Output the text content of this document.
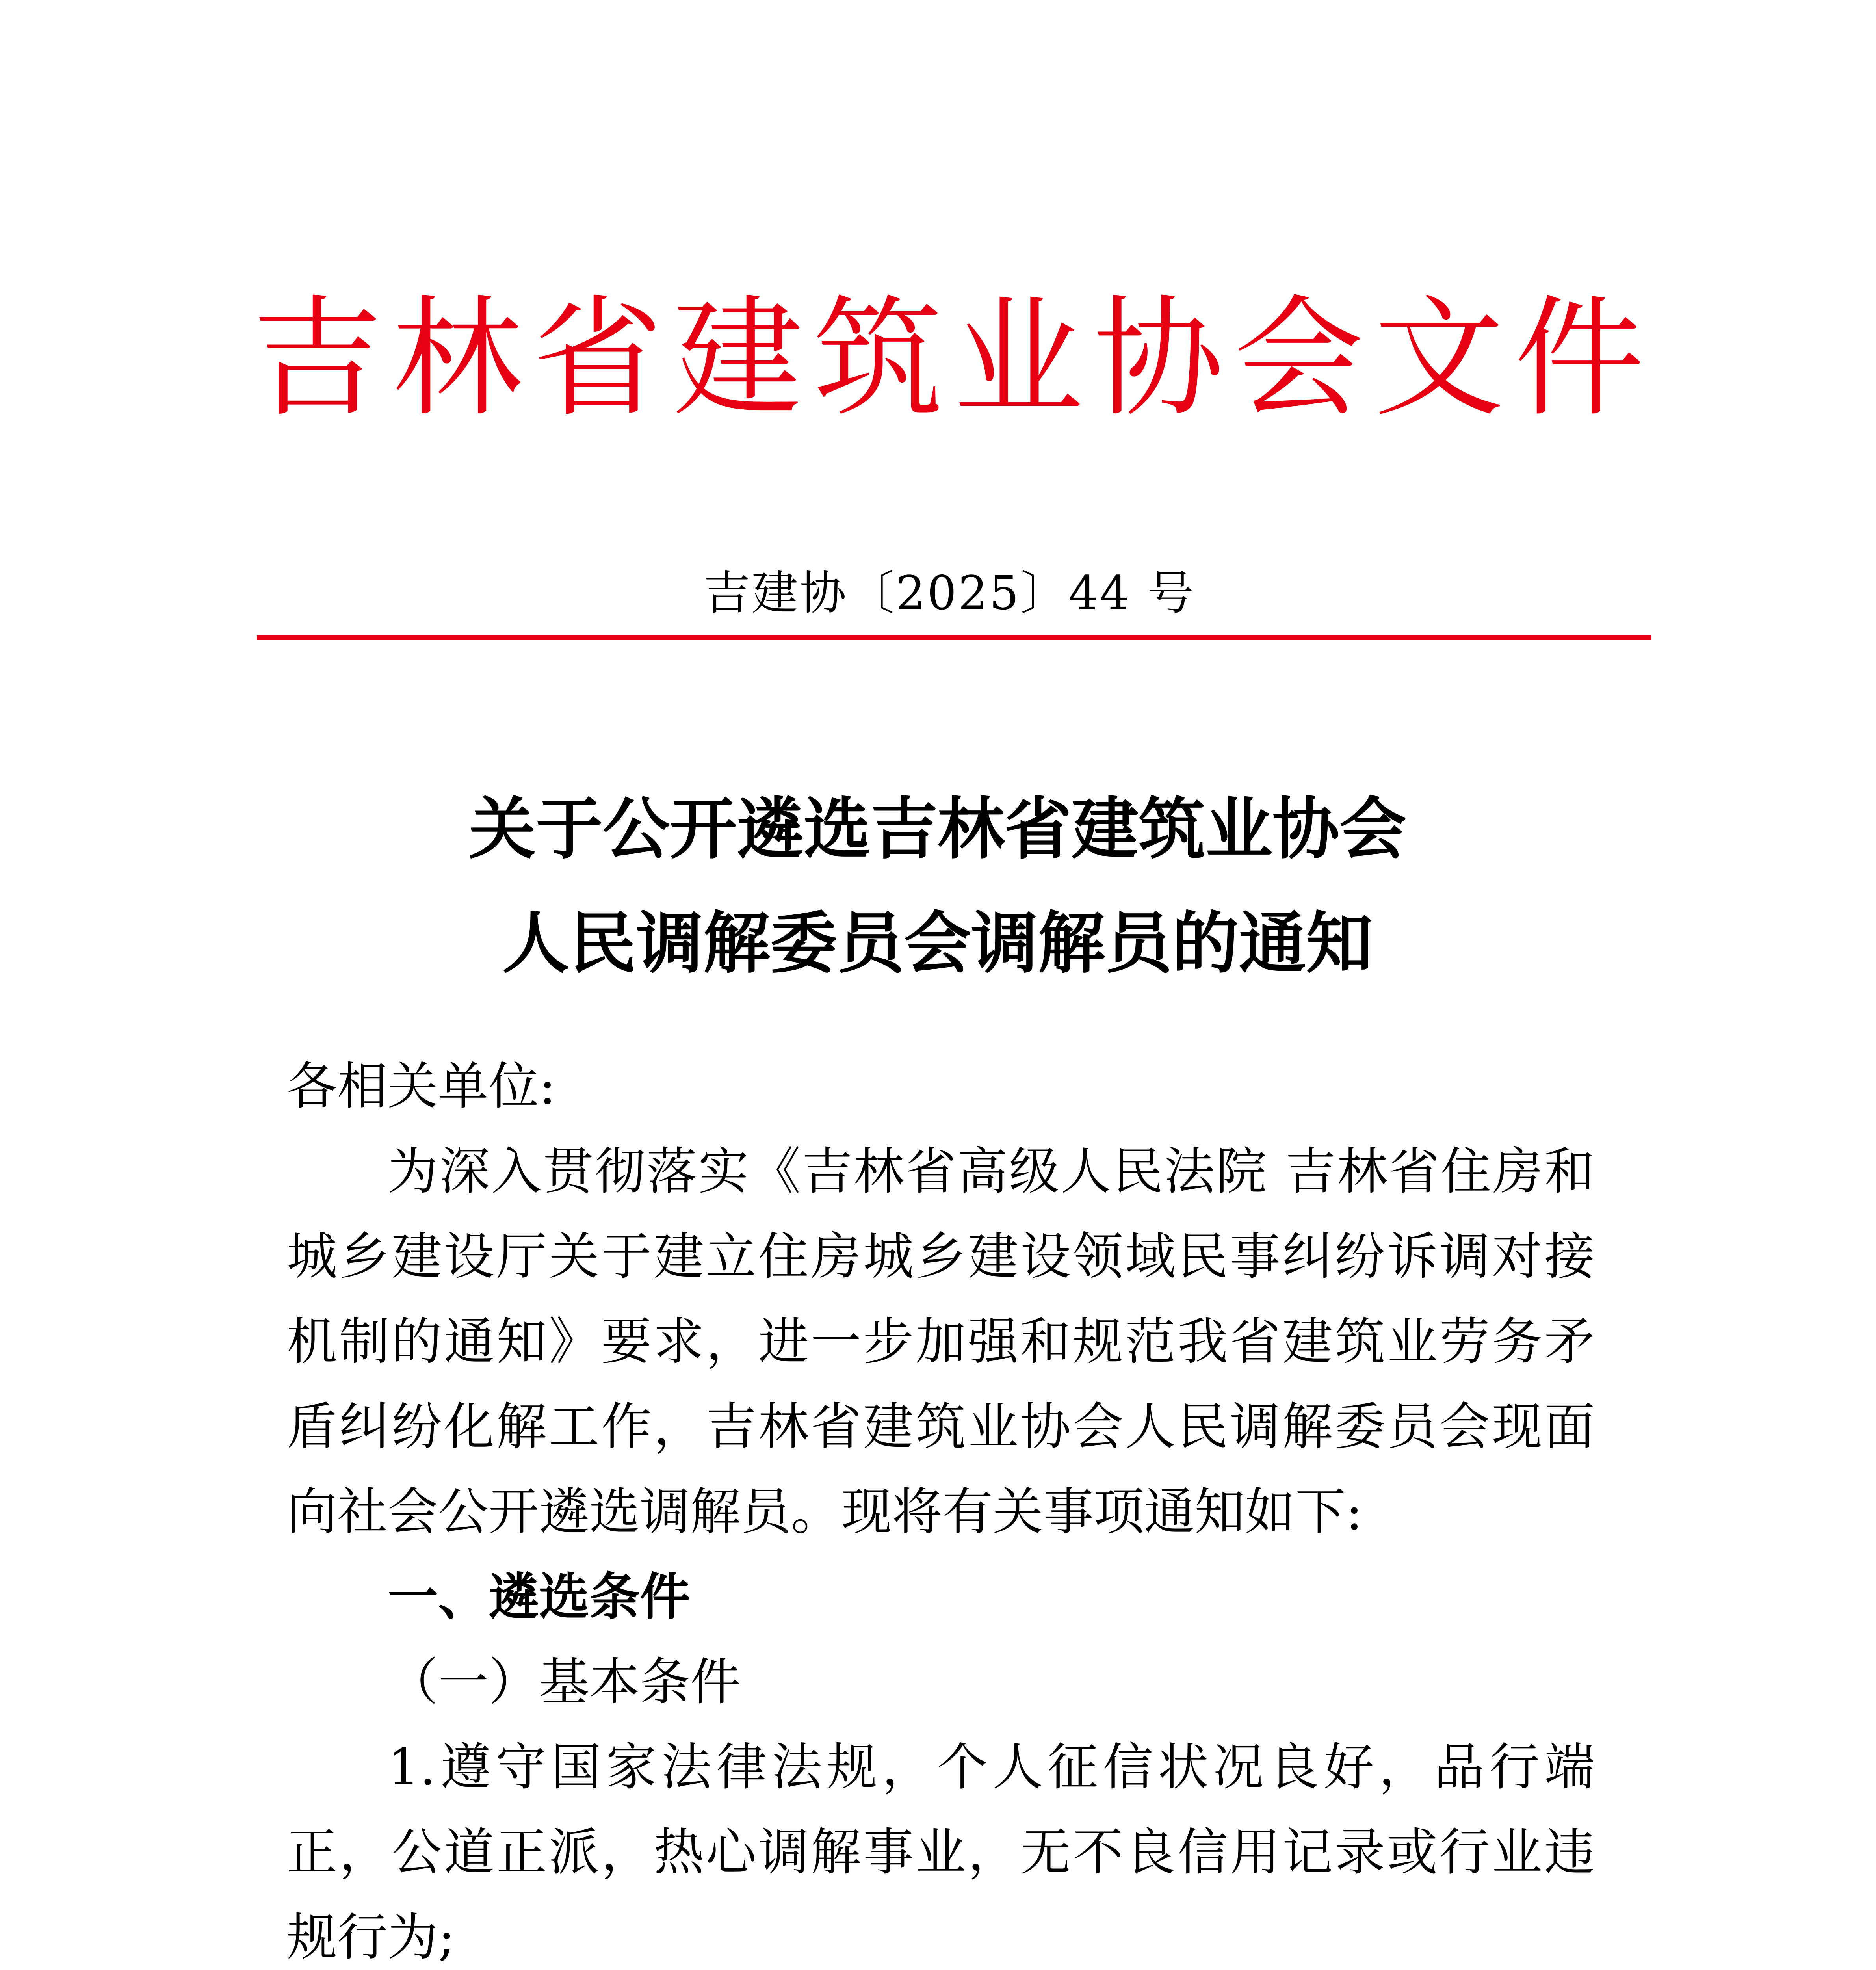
吉林省建筑业协会文件
吉建协〔2025〕44 号
关于公开遴选吉林省建筑业协会
人民调解委员会调解员的通知

各相关单位:

为深入贯彻落实《吉林省高级人民法院 吉林省住房和城乡建设厅关于建立住房城乡建设领域民事纠纷诉调对接机制的通知》要求，进一步加强和规范我省建筑业劳务矛盾纠纷化解工作，吉林省建筑业协会人民调解委员会现面向社会公开遴选调解员。现将有关事项通知如下:

一、遴选条件

（一）基本条件

1.遵守国家法律法规，个人征信状况良好，品行端正，公道正派，热心调解事业，无不良信用记录或行业违规行为;
